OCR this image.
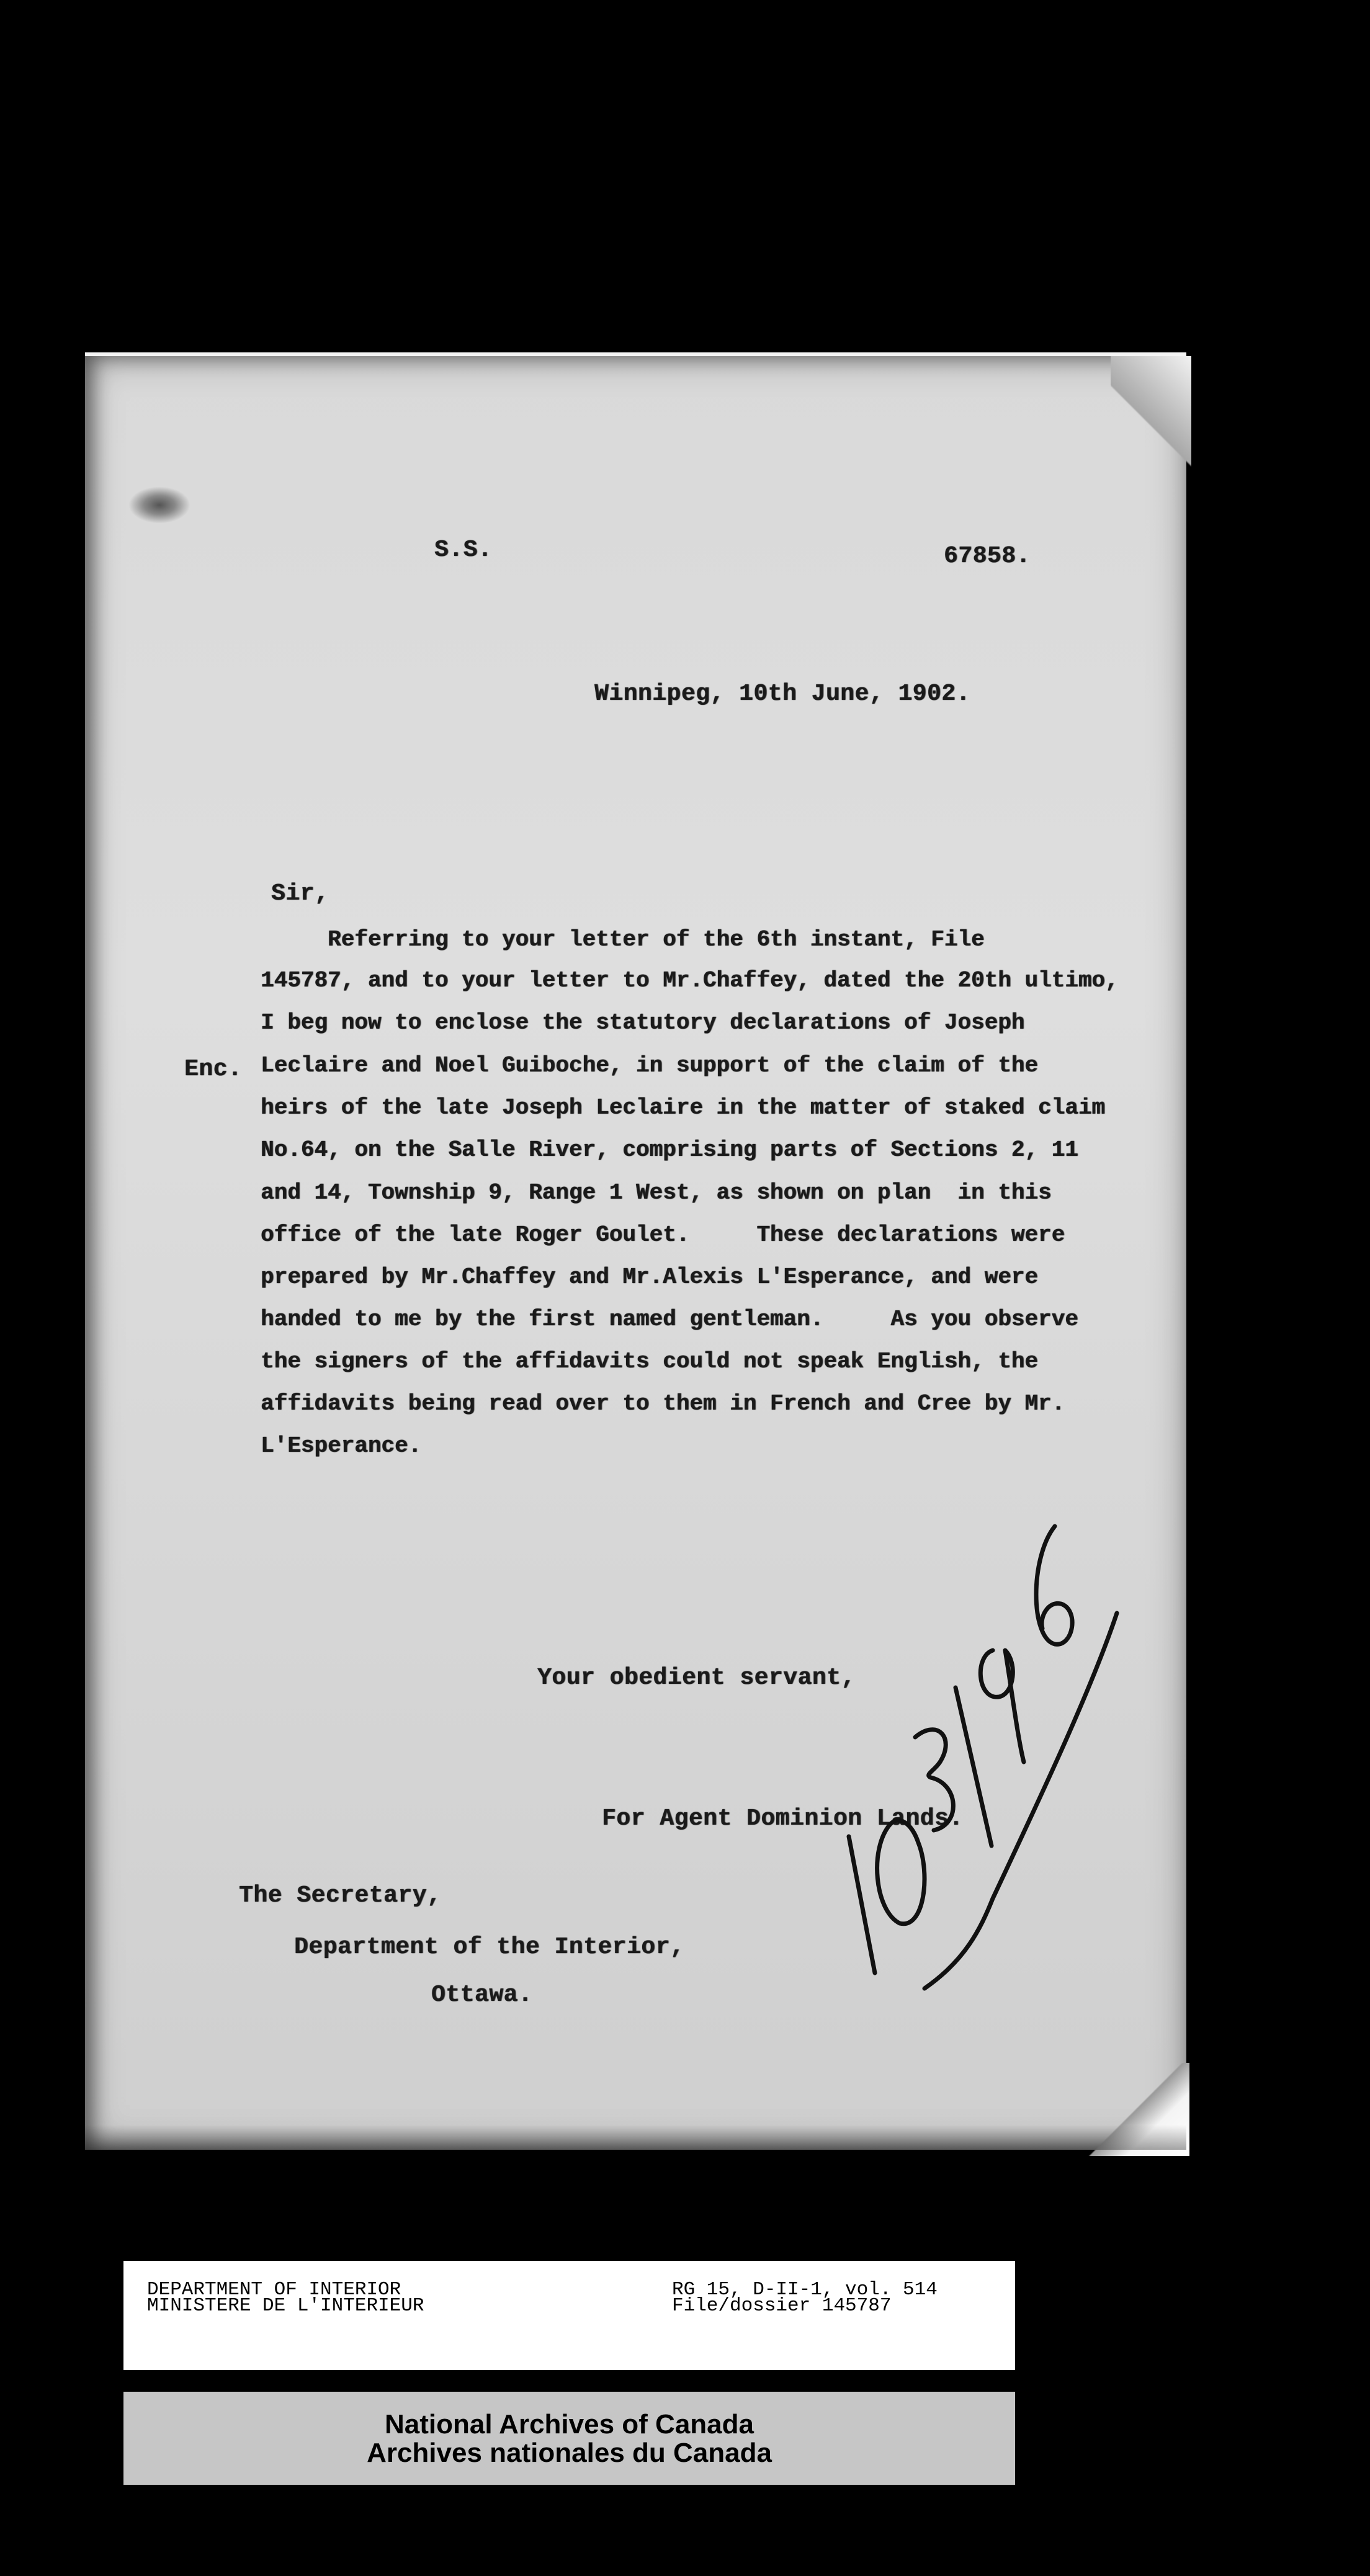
S.S.	67858.
Winnipeg, 10th June, 1902.
Sir,
Enc.
Referring to your letter of the 6th instant, File
145787, and to your letter to Mr.Chaffey, dated the 20th ultimo,
I beg now to enclose the statutory declarations of Joseph
Leclaire and Noel Guiboche, in support of the claim of the
heirs of the late Joseph Leclaire in the matter of staked claim
No.64, on the Salle River, comprising parts of Sections 2, 11
and 14, Township 9, Range 1 West, as shown on plan  in this
office of the late Roger Goulet.     These declarations were
prepared by Mr.Chaffey and Mr.Alexis L'Esperance, and were
handed to me by the first named gentleman.     As you observe
the signers of the affidavits could not speak English, the
affidavits being read over to them in French and Cree by Mr.
L'Esperance.
Your obedient servant,
For Agent Dominion Lands.
The Secretary,
Department of the Interior,
Ottawa.
DEPARTMENT OF INTERIOR
MINISTERE DE L'INTERIEUR
RG 15, D-II-1, vol. 514
File/dossier 145787
National Archives of Canada
Archives nationales du Canada
